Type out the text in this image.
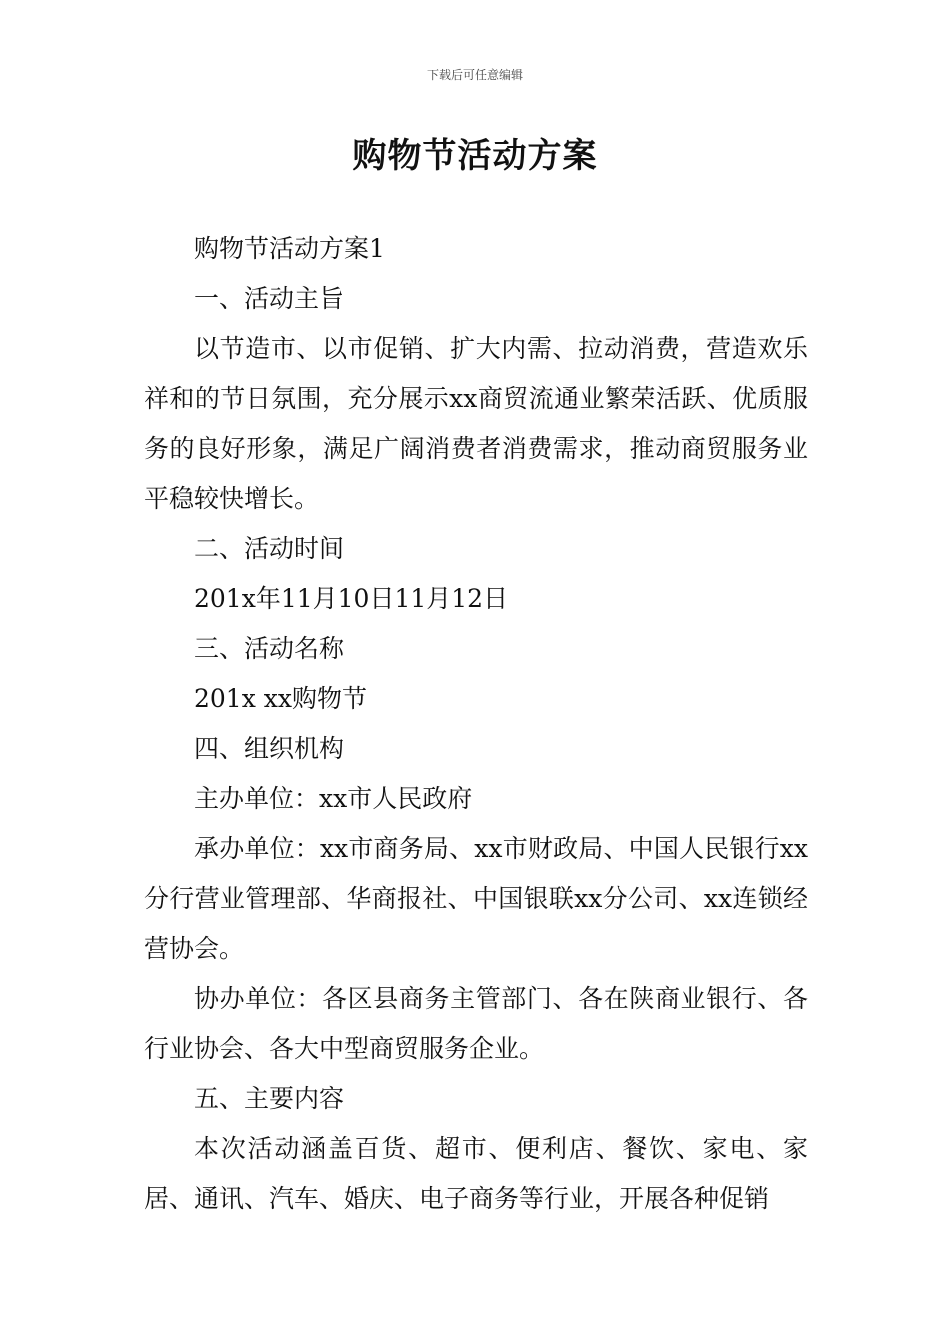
下载后可任意编辑
购物节活动方案

购物节活动方案1

一、活动主旨

以节造市、以市促销、扩大内需、拉动消费，营造欢乐祥和的节日氛围，充分展示xx商贸流通业繁荣活跃、优质服务的良好形象，满足广阔消费者消费需求，推动商贸服务业平稳较快增长。

二、活动时间

201x年11月10日11月12日

三、活动名称

201x xx购物节

四、组织机构

主办单位：xx市人民政府

承办单位：xx市商务局、xx市财政局、中国人民银行xx分行营业管理部、华商报社、中国银联xx分公司、xx连锁经营协会。

协办单位：各区县商务主管部门、各在陕商业银行、各行业协会、各大中型商贸服务企业。

五、主要内容

本次活动涵盖百货、超市、便利店、餐饮、家电、家居、通讯、汽车、婚庆、电子商务等行业，开展各种促销
